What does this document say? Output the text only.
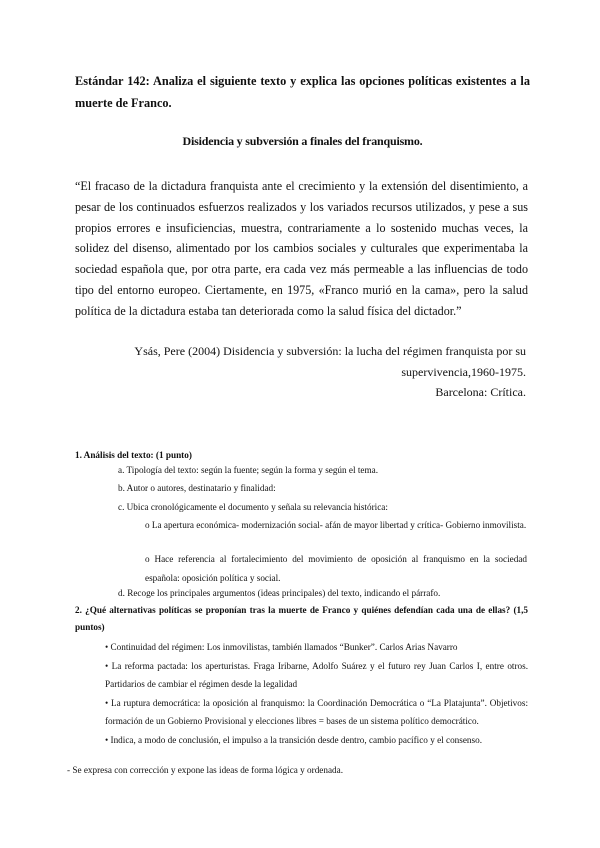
Estándar 142: Analiza el siguiente texto y explica las opciones políticas existentes a la muerte de Franco.
Disidencia y subversión a finales del franquismo.
“El fracaso de la dictadura franquista ante el crecimiento y la extensión del disentimiento, a pesar de los continuados esfuerzos realizados y los variados recursos utilizados, y pese a sus propios errores e insuficiencias, muestra, contrariamente a lo sostenido muchas veces, la solidez del disenso, alimentado por los cambios sociales y culturales que experimentaba la sociedad española que, por otra parte, era cada vez más permeable a las influencias de todo tipo del entorno europeo. Ciertamente, en 1975, «Franco murió en la cama», pero la salud política de la dictadura estaba tan deteriorada como la salud física del dictador.”
Ysás, Pere (2004) Disidencia y subversión: la lucha del régimen franquista por su
supervivencia,1960-1975.
Barcelona: Crítica.
1. Análisis del texto: (1 punto)
a. Tipología del texto: según la fuente; según la forma y según el tema.
b. Autor o autores, destinatario y finalidad:
c. Ubica cronológicamente el documento y señala su relevancia histórica:
o La apertura económica- modernización social- afán de mayor libertad y crítica- Gobierno inmovilista.
o Hace referencia al fortalecimiento del movimiento de oposición al franquismo en la sociedad española: oposición política y social.
d. Recoge los principales argumentos (ideas principales) del texto, indicando el párrafo.
2. ¿Qué alternativas políticas se proponían tras la muerte de Franco y quiénes defendían cada una de ellas? (1,5 puntos)

• Continuidad del régimen: Los inmovilistas, también llamados “Bunker”. Carlos Arias Navarro

• La reforma pactada: los aperturistas. Fraga Iribarne, Adolfo Suárez y el futuro rey Juan Carlos I, entre otros. Partidarios de cambiar el régimen desde la legalidad

• La ruptura democrática: la oposición al franquismo: la Coordinación Democrática o “La Platajunta”. Objetivos: formación de un Gobierno Provisional y elecciones libres = bases de un sistema político democrático.

• Indica, a modo de conclusión, el impulso a la transición desde dentro, cambio pacífico y el consenso.

- Se expresa con corrección y expone las ideas de forma lógica y ordenada.
